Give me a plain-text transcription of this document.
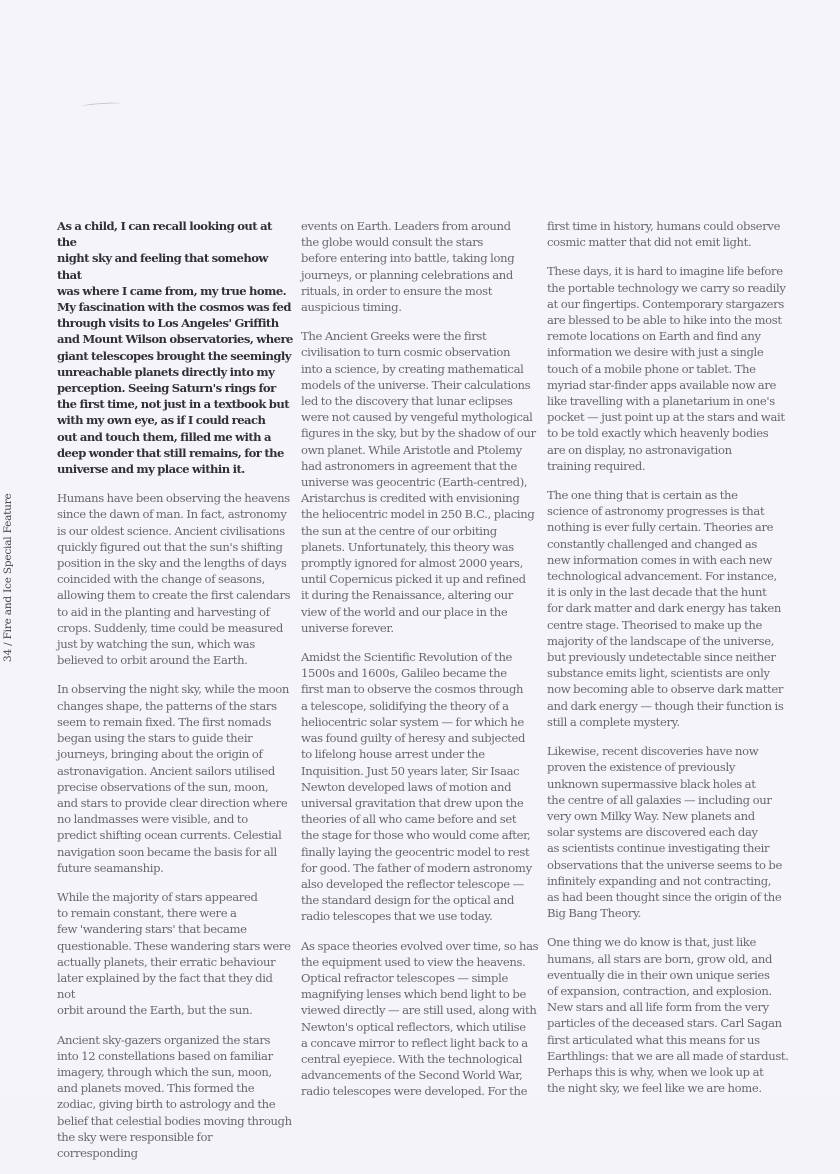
34 / Fire and Ice Special Feature

As a child, I can recall looking out at the
night sky and feeling that somehow that
was where I came from, my true home.
My fascination with the cosmos was fed
through visits to Los Angeles' Griffith
and Mount Wilson observatories, where
giant telescopes brought the seemingly
unreachable planets directly into my
perception. Seeing Saturn's rings for
the first time, not just in a textbook but
with my own eye, as if I could reach
out and touch them, filled me with a
deep wonder that still remains, for the
universe and my place within it.

Humans have been observing the heavens
since the dawn of man. In fact, astronomy
is our oldest science. Ancient civilisations
quickly figured out that the sun's shifting
position in the sky and the lengths of days
coincided with the change of seasons,
allowing them to create the first calendars
to aid in the planting and harvesting of
crops. Suddenly, time could be measured
just by watching the sun, which was
believed to orbit around the Earth.

In observing the night sky, while the moon
changes shape, the patterns of the stars
seem to remain fixed. The first nomads
began using the stars to guide their
journeys, bringing about the origin of
astronavigation. Ancient sailors utilised
precise observations of the sun, moon,
and stars to provide clear direction where
no landmasses were visible, and to
predict shifting ocean currents. Celestial
navigation soon became the basis for all
future seamanship.

While the majority of stars appeared
to remain constant, there were a
few 'wandering stars' that became
questionable. These wandering stars were
actually planets, their erratic behaviour
later explained by the fact that they did not
orbit around the Earth, but the sun.

Ancient sky-gazers organized the stars
into 12 constellations based on familiar
imagery, through which the sun, moon,
and planets moved. This formed the
zodiac, giving birth to astrology and the
belief that celestial bodies moving through
the sky were responsible for corresponding

events on Earth. Leaders from around
the globe would consult the stars
before entering into battle, taking long
journeys, or planning celebrations and
rituals, in order to ensure the most
auspicious timing.

The Ancient Greeks were the first
civilisation to turn cosmic observation
into a science, by creating mathematical
models of the universe. Their calculations
led to the discovery that lunar eclipses
were not caused by vengeful mythological
figures in the sky, but by the shadow of our
own planet. While Aristotle and Ptolemy
had astronomers in agreement that the
universe was geocentric (Earth-centred),
Aristarchus is credited with envisioning
the heliocentric model in 250 B.C., placing
the sun at the centre of our orbiting
planets. Unfortunately, this theory was
promptly ignored for almost 2000 years,
until Copernicus picked it up and refined
it during the Renaissance, altering our
view of the world and our place in the
universe forever.

Amidst the Scientific Revolution of the
1500s and 1600s, Galileo became the
first man to observe the cosmos through
a telescope, solidifying the theory of a
heliocentric solar system — for which he
was found guilty of heresy and subjected
to lifelong house arrest under the
Inquisition. Just 50 years later, Sir Isaac
Newton developed laws of motion and
universal gravitation that drew upon the
theories of all who came before and set
the stage for those who would come after,
finally laying the geocentric model to rest
for good. The father of modern astronomy
also developed the reflector telescope —
the standard design for the optical and
radio telescopes that we use today.

As space theories evolved over time, so has
the equipment used to view the heavens.
Optical refractor telescopes — simple
magnifying lenses which bend light to be
viewed directly — are still used, along with
Newton's optical reflectors, which utilise
a concave mirror to reflect light back to a
central eyepiece. With the technological
advancements of the Second World War,
radio telescopes were developed. For the

first time in history, humans could observe
cosmic matter that did not emit light.

These days, it is hard to imagine life before
the portable technology we carry so readily
at our fingertips. Contemporary stargazers
are blessed to be able to hike into the most
remote locations on Earth and find any
information we desire with just a single
touch of a mobile phone or tablet. The
myriad star-finder apps available now are
like travelling with a planetarium in one's
pocket — just point up at the stars and wait
to be told exactly which heavenly bodies
are on display, no astronavigation
training required.

The one thing that is certain as the
science of astronomy progresses is that
nothing is ever fully certain. Theories are
constantly challenged and changed as
new information comes in with each new
technological advancement. For instance,
it is only in the last decade that the hunt
for dark matter and dark energy has taken
centre stage. Theorised to make up the
majority of the landscape of the universe,
but previously undetectable since neither
substance emits light, scientists are only
now becoming able to observe dark matter
and dark energy — though their function is
still a complete mystery.

Likewise, recent discoveries have now
proven the existence of previously
unknown supermassive black holes at
the centre of all galaxies — including our
very own Milky Way. New planets and
solar systems are discovered each day
as scientists continue investigating their
observations that the universe seems to be
infinitely expanding and not contracting,
as had been thought since the origin of the
Big Bang Theory.

One thing we do know is that, just like
humans, all stars are born, grow old, and
eventually die in their own unique series
of expansion, contraction, and explosion.
New stars and all life form from the very
particles of the deceased stars. Carl Sagan
first articulated what this means for us
Earthlings: that we are all made of stardust.
Perhaps this is why, when we look up at
the night sky, we feel like we are home.
